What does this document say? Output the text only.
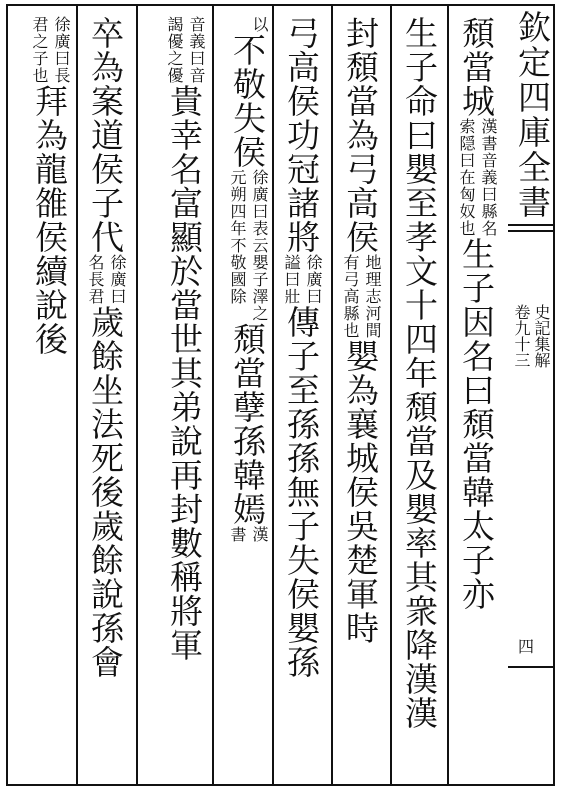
頹當城
漢書音義曰縣名
索隠曰在匈奴也
生子因名曰頹當韓太子亦
生子命曰嬰至孝文十四年頹當及嬰率其衆降漢漢
封頹當為弓高侯
地理志河間
有弓高縣也
嬰為襄城侯吳楚軍時
弓高侯功冠諸將
徐廣曰
謚曰壯
傳子至孫孫無子失侯嬰孫
以
不敬失侯
徐廣曰表云嬰子澤之
元朔四年不敬國除
頹當孽孫韓嫣
漢
書
音義曰音
謁優之優
貴幸名富顯於當世其弟說再封數稱將軍
卒為案道侯子代
徐廣曰
名長君
歲餘坐法死後歲餘說孫會
徐廣曰長
君之子也
拜為龍雒侯續說後	欽定四庫全書
史記集解
卷九十三
四
